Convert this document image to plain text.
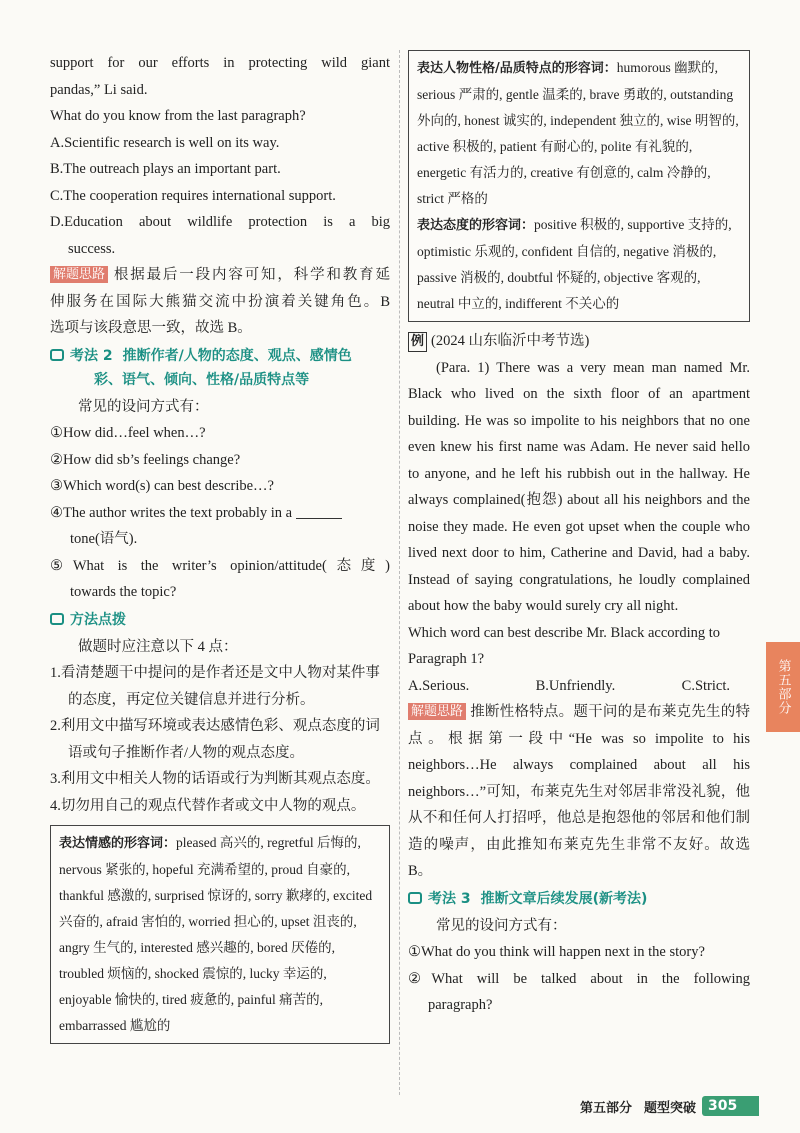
support for our efforts in protecting wild giant

pandas,” Li said.

What do you know from the last paragraph?

A.Scientific research is well on its way.

B.The outreach plays an important part.

C.The cooperation requires international support.

D.Education about wildlife protection is a big

success.

解题思路 根据最后一段内容可知，科学和教育延

伸服务在国际大熊猫交流中扮演着关键角色。B

选项与该段意思一致，故选 B。

考法 2 推断作者/人物的态度、观点、感情色
彩、语气、倾向、性格/品质特点等

常见的设问方式有：

①How did…feel when…?

②How did sb’s feelings change?

③Which word(s) can best describe…?

④The author writes the text probably in a

tone(语气).

⑤What is the writer’s opinion/attitude(态度)

towards the topic?

方法点拨

做题时应注意以下 4 点：

1.看清楚题干中提问的是作者还是文中人物对某件事的态度，再定位关键信息并进行分析。

2.利用文中描写环境或表达感情色彩、观点态度的词语或句子推断作者/人物的观点态度。

3.利用文中相关人物的话语或行为判断其观点态度。

4.切勿用自己的观点代替作者或文中人物的观点。

表达情感的形容词：pleased 高兴的, regretful 后悔的, nervous 紧张的, hopeful 充满希望的, proud 自豪的, thankful 感激的, surprised 惊讶的, sorry 歉痚的, excited 兴奋的, afraid 害怕的, worried 担心的, upset 沮丧的, angry 生气的, interested 感兴趣的, bored 厌倦的, troubled 烦恼的, shocked 震惊的, lucky 幸运的, enjoyable 愉快的, tired 疲惫的, painful 痛苦的, embarrassed 尴尬的

表达人物性格/品质特点的形容词：humorous 幽默的, serious 严肃的, gentle 温柔的, brave 勇敢的, outstanding 外向的, honest 诚实的, independent 独立的, wise 明智的, active 积极的, patient 有耐心的, polite 有礼貌的, energetic 有活力的, creative 有创意的, calm 冷静的, strict 严格的

表达态度的形容词：positive 积极的, supportive 支持的, optimistic 乐观的, confident 自信的, negative 消极的, passive 消极的, doubtful 怀疑的, objective 客观的, neutral 中立的, indifferent 不关心的

例 (2024 山东临沂中考节选)

(Para. 1) There was a very mean man named Mr. Black who lived on the sixth floor of an apartment building. He was so impolite to his neighbors that no one even knew his first name was Adam. He never said hello to anyone, and he left his rubbish out in the hallway. He always complained(抱怨) about all his neighbors and the noise they made. He even got upset when the couple who lived next door to him, Catherine and David, had a baby. Instead of saying congratulations, he loudly complained about how the baby would surely cry all night.

Which word can best describe Mr. Black according to Paragraph 1?

A.Serious.	B.Unfriendly.	C.Strict.

解题思路 推断性格特点。题干问的是布莱克先生的特点。根据第一段中“He was so impolite to his neighbors…He always complained about all his neighbors…”可知，布莱克先生对邻居非常没礼貌，他从不和任何人打招呼，他总是抱怨他的邻居和他们制造的噪声，由此推知布莱克先生非常不友好。故选 B。

考法 3 推断文章后续发展(新考法)

常见的设问方式有：

①What do you think will happen next in the story?

②What will be talked about in the following

paragraph?

第五部分
第五部分 题型突破 305
